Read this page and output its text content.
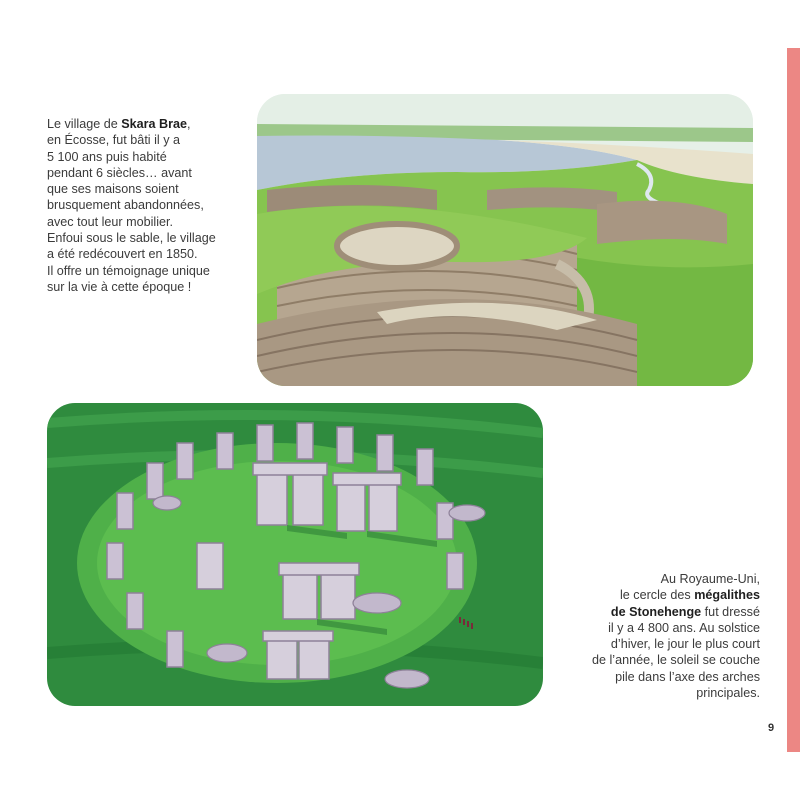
Le village de Skara Brae,
en Écosse, fut bâti il y a
5 100 ans puis habité
pendant 6 siècles… avant
que ses maisons soient
brusquement abandonnées,
avec tout leur mobilier.
Enfoui sous le sable, le village
a été redécouvert en 1850.
Il offre un témoignage unique
sur la vie à cette époque !
Au Royaume-Uni,
le cercle des mégalithes
de Stonehenge fut dressé
il y a 4 800 ans. Au solstice
d’hiver, le jour le plus court
de l’année, le soleil se couche
pile dans l’axe des arches
principales.
9
